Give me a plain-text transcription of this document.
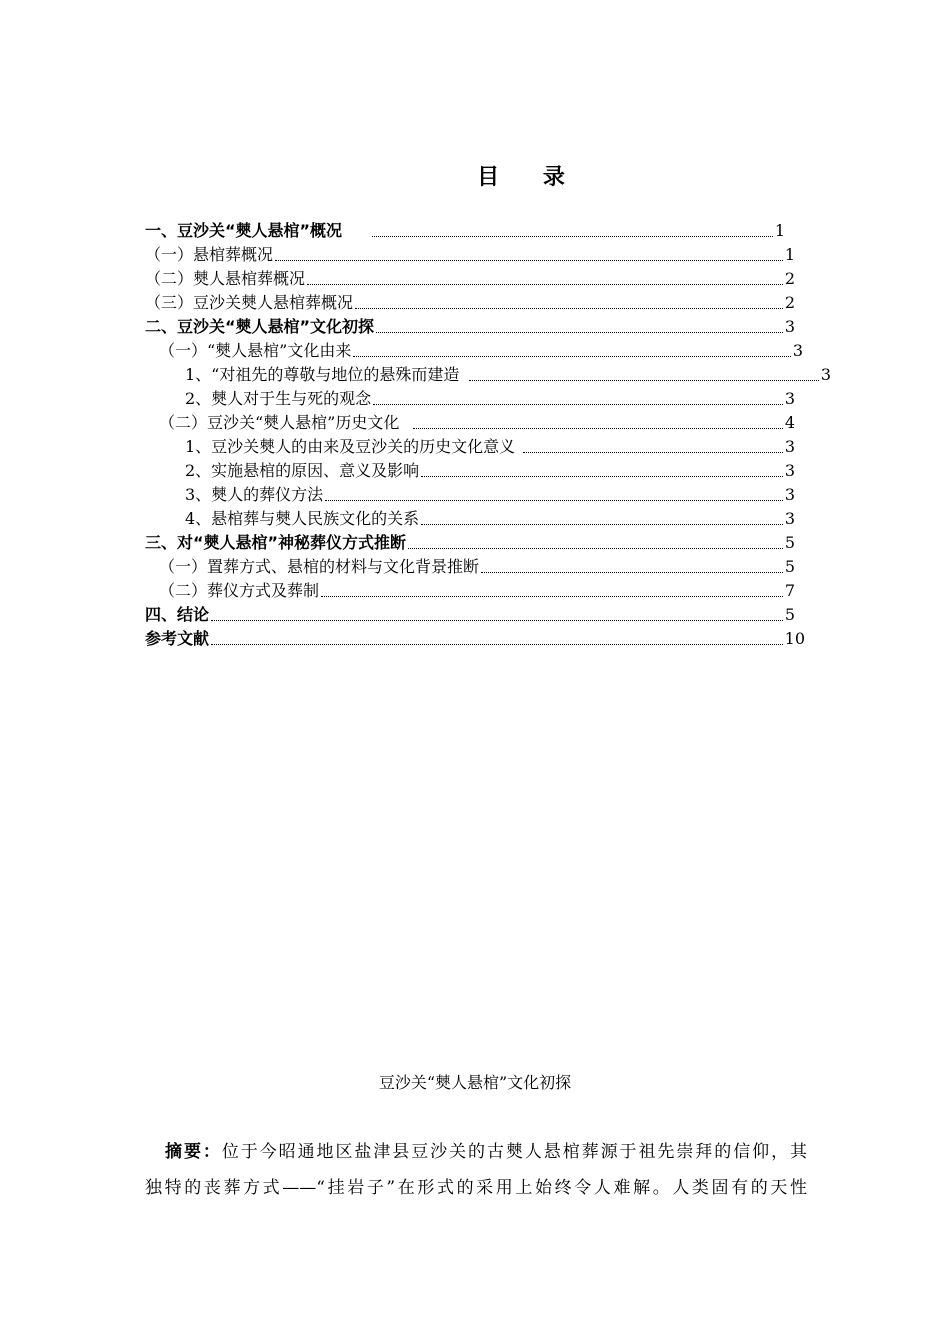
目 录
一、豆沙关“僰人悬棺”概况	1
（一）悬棺葬概况	1
（二）僰人悬棺葬概况	2
（三）豆沙关僰人悬棺葬概况	2
二、豆沙关“僰人悬棺”文化初探	3
（一）“僰人悬棺”文化由来	3
1、“对祖先的尊敬与地位的悬殊而建造	3
2、僰人对于生与死的观念	3
（二）豆沙关“僰人悬棺”历史文化	4
1、豆沙关僰人的由来及豆沙关的历史文化意义	3
2、实施悬棺的原因、意义及影响	3
3、僰人的葬仪方法	3
4、悬棺葬与僰人民族文化的关系	3
三、对“僰人悬棺”神秘葬仪方式推断	5
（一）置葬方式、悬棺的材料与文化背景推断	5
（二）葬仪方式及葬制	7
四、结论	5
参考文献	10
豆沙关“僰人悬棺”文化初探
摘要：位于今昭通地区盐津县豆沙关的古僰人悬棺葬源于祖先崇拜的信仰，其
独特的丧葬方式——“挂岩子”在形式的采用上始终令人难解。人类固有的天性
